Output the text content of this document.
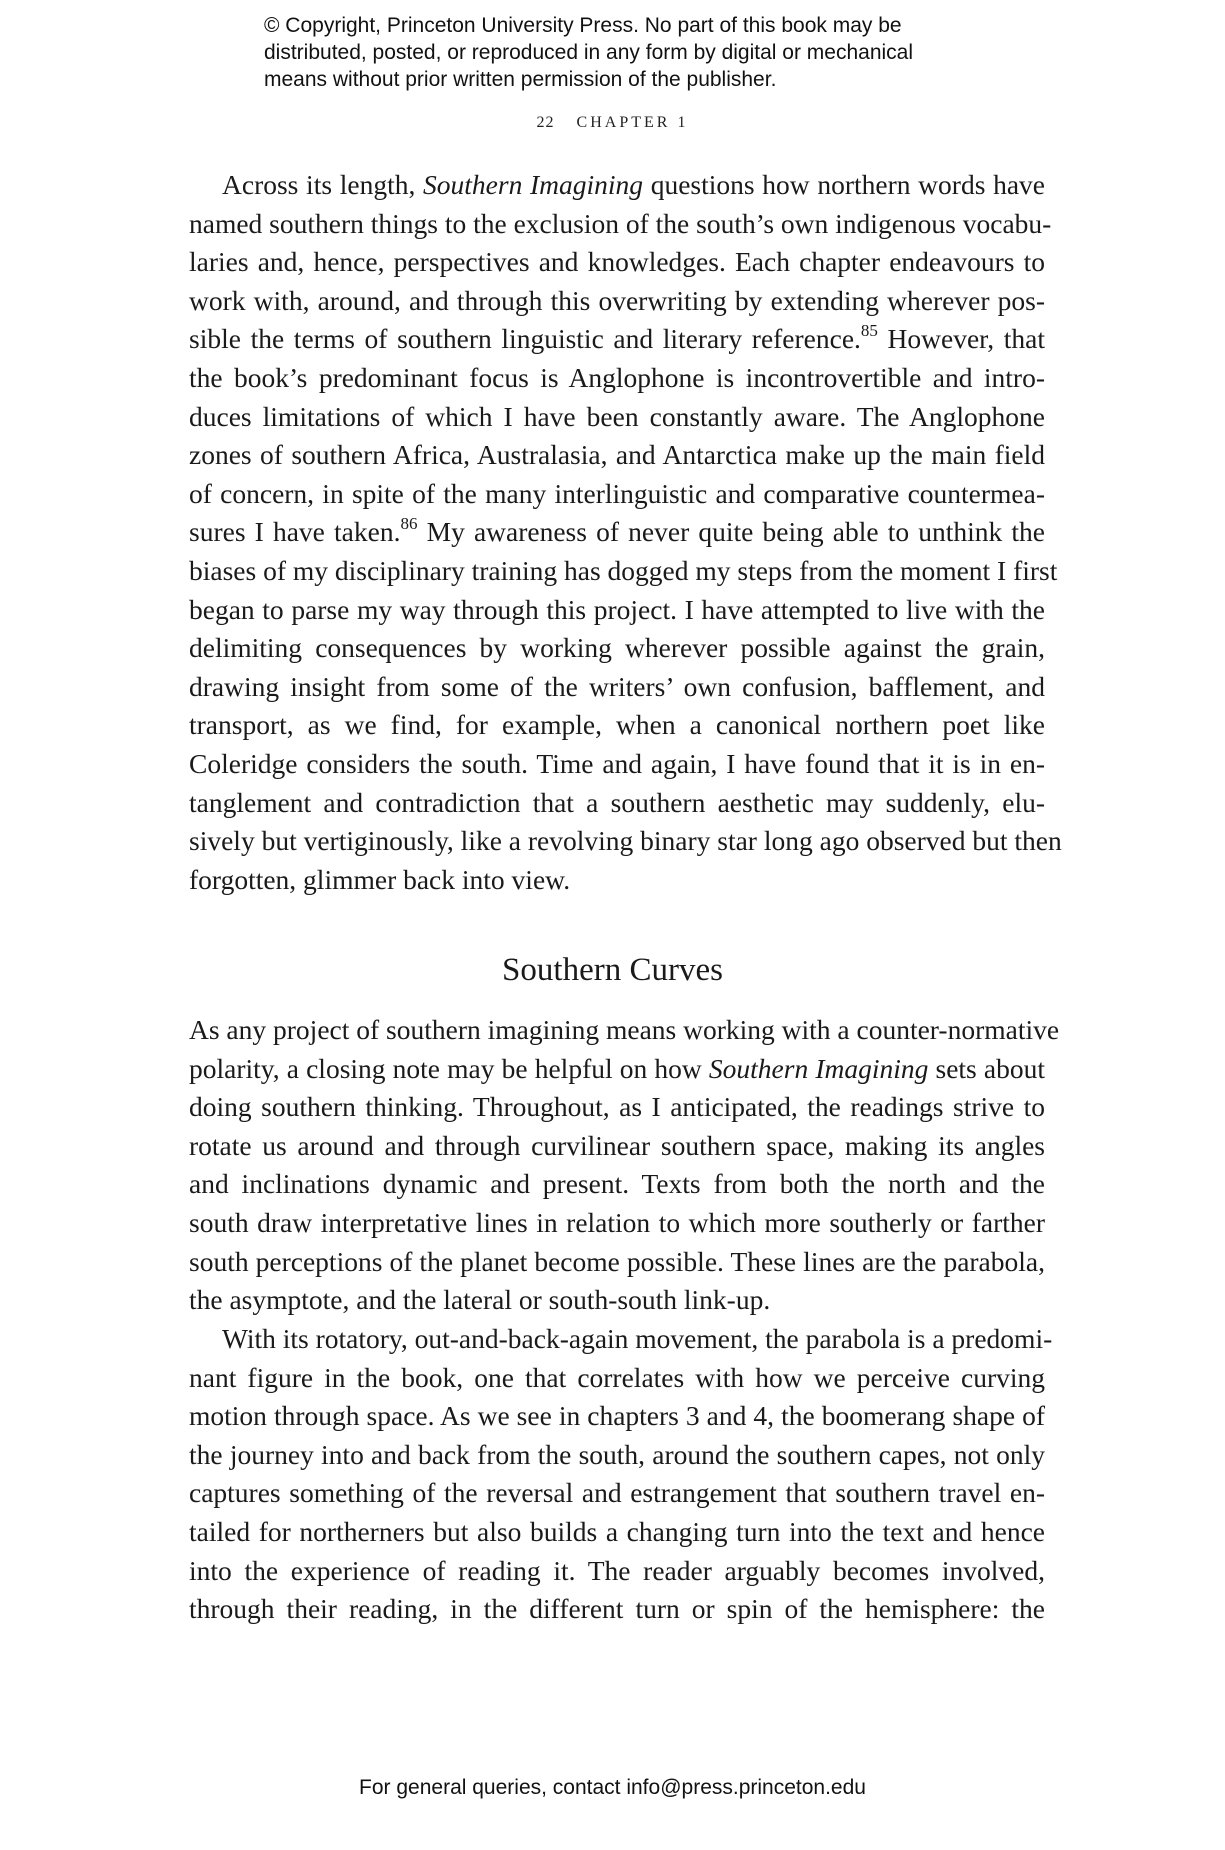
© Copyright, Princeton University Press. No part of this book may be
distributed, posted, or reproduced in any form by digital or mechanical
means without prior written permission of the publisher.
22 CHAPTER 1
Across its length, Southern Imagining questions how northern words have
named southern things to the exclusion of the south’s own indigenous vocabu-
laries and, hence, perspectives and knowledges. Each chapter endeavours to
work with, around, and through this overwriting by extending wherever pos-
sible the terms of southern linguistic and literary reference.$^{85}$ However, that
the book’s predominant focus is Anglophone is incontrovertible and intro-
duces limitations of which I have been constantly aware. The Anglophone
zones of southern Africa, Australasia, and Antarctica make up the main field
of concern, in spite of the many interlinguistic and comparative countermea-
sures I have taken.$^{86}$ My awareness of never quite being able to unthink the
biases of my disciplinary training has dogged my steps from the moment I first
began to parse my way through this project. I have attempted to live with the
delimiting consequences by working wherever possible against the grain,
drawing insight from some of the writers’ own confusion, bafflement, and
transport, as we find, for example, when a canonical northern poet like
Coleridge considers the south. Time and again, I have found that it is in en-
tanglement and contradiction that a southern aesthetic may suddenly, elu-
sively but vertiginously, like a revolving binary star long ago observed but then
forgotten, glimmer back into view.
Southern Curves
As any project of southern imagining means working with a counter-normative
polarity, a closing note may be helpful on how Southern Imagining sets about
doing southern thinking. Throughout, as I anticipated, the readings strive to
rotate us around and through curvilinear southern space, making its angles
and inclinations dynamic and present. Texts from both the north and the
south draw interpretative lines in relation to which more southerly or farther
south perceptions of the planet become possible. These lines are the parabola,
the asymptote, and the lateral or south-south link-up.
With its rotatory, out-and-back-again movement, the parabola is a predomi-
nant figure in the book, one that correlates with how we perceive curving
motion through space. As we see in chapters 3 and 4, the boomerang shape of
the journey into and back from the south, around the southern capes, not only
captures something of the reversal and estrangement that southern travel en-
tailed for northerners but also builds a changing turn into the text and hence
into the experience of reading it. The reader arguably becomes involved,
through their reading, in the different turn or spin of the hemisphere: the
For general queries, contact info@press.princeton.edu
